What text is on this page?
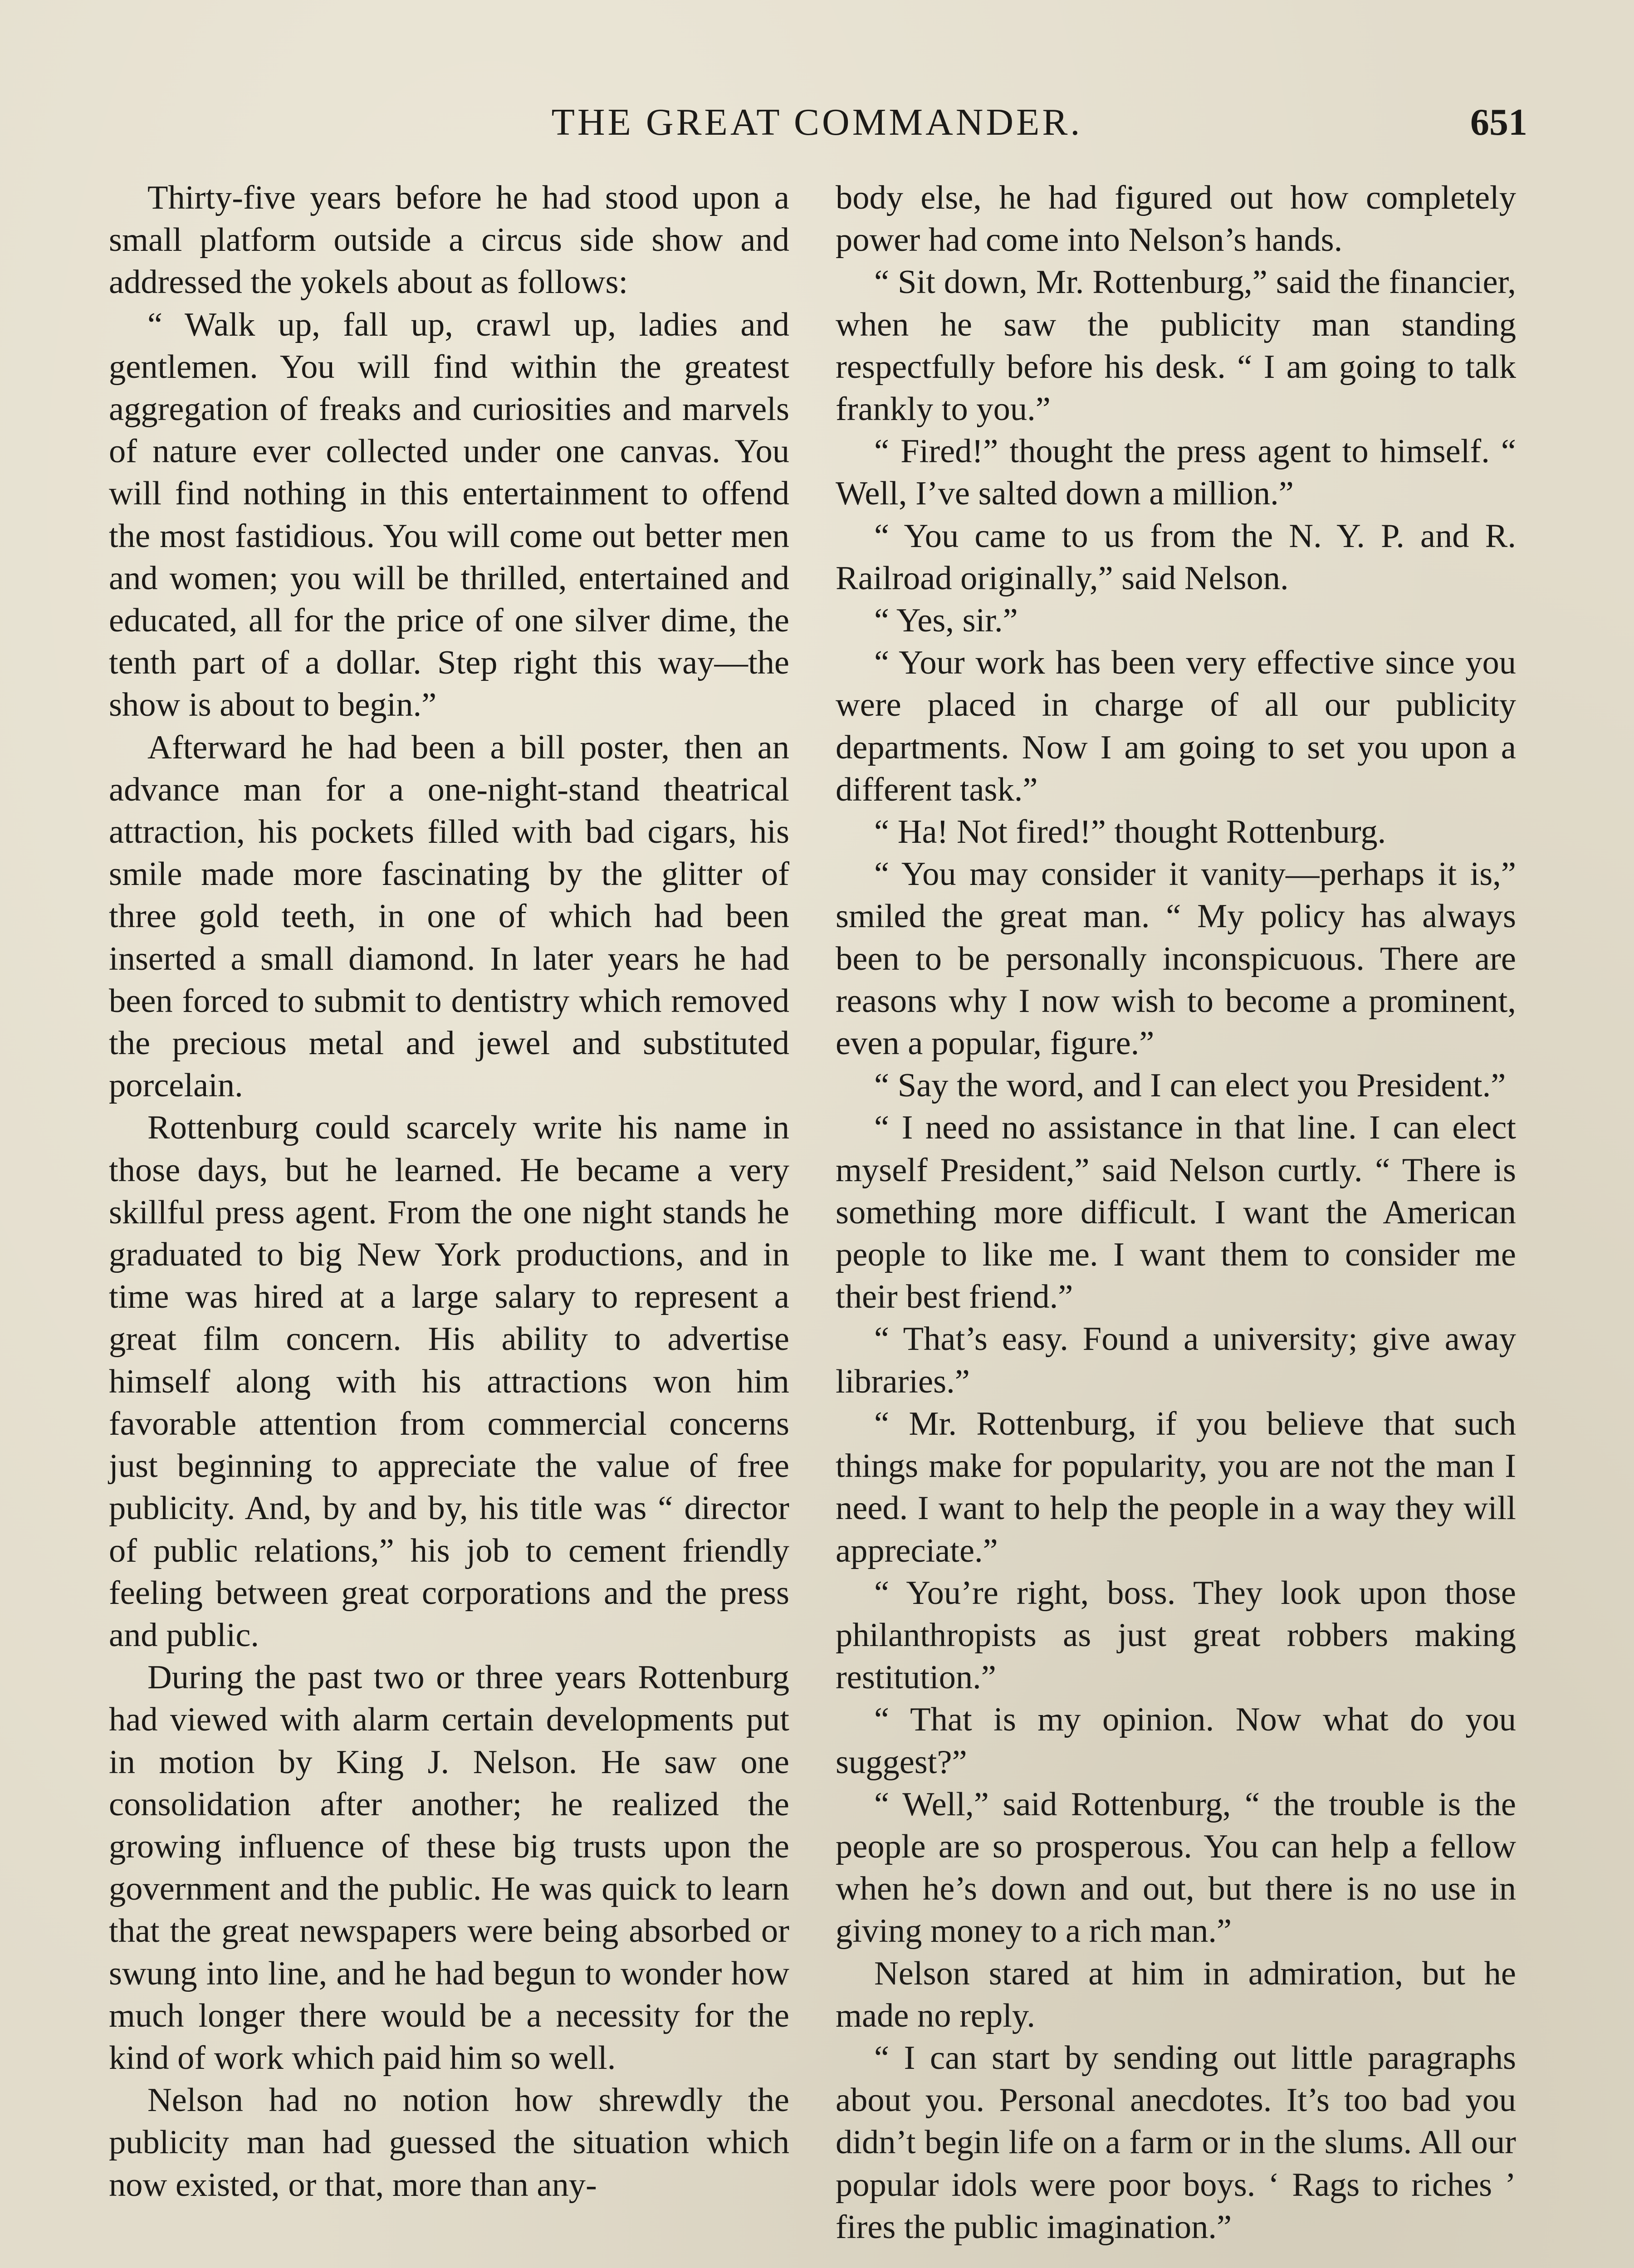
THE GREAT COMMANDER.	651

Thirty-five years before he had stood upon a small platform outside a circus side show and addressed the yokels about as follows:

“ Walk up, fall up, crawl up, ladies and gentlemen. You will find within the greatest aggregation of freaks and curiosities and marvels of nature ever collected under one canvas. You will find nothing in this entertainment to offend the most fastidious. You will come out better men and women; you will be thrilled, entertained and educated, all for the price of one silver dime, the tenth part of a dollar. Step right this way—the show is about to begin.”

Afterward he had been a bill poster, then an advance man for a one-night-stand theatrical attraction, his pockets filled with bad cigars, his smile made more fascinating by the glitter of three gold teeth, in one of which had been inserted a small diamond. In later years he had been forced to submit to dentistry which removed the precious metal and jewel and substituted porcelain.

Rottenburg could scarcely write his name in those days, but he learned. He became a very skillful press agent. From the one night stands he graduated to big New York productions, and in time was hired at a large salary to represent a great film concern. His ability to advertise himself along with his attractions won him favorable attention from commercial concerns just beginning to appreciate the value of free publicity. And, by and by, his title was “ director of public relations,” his job to cement friendly feeling between great corporations and the press and public.

During the past two or three years Rottenburg had viewed with alarm certain developments put in motion by King J. Nelson. He saw one consolidation after another; he realized the growing influence of these big trusts upon the government and the public. He was quick to learn that the great newspapers were being absorbed or swung into line, and he had begun to wonder how much longer there would be a necessity for the kind of work which paid him so well.

Nelson had no notion how shrewdly the publicity man had guessed the situation which now existed, or that, more than any-

body else, he had figured out how completely power had come into Nelson’s hands.

“ Sit down, Mr. Rottenburg,” said the financier, when he saw the publicity man standing respectfully before his desk. “ I am going to talk frankly to you.”

“ Fired!” thought the press agent to himself. “ Well, I’ve salted down a million.”

“ You came to us from the N. Y. P. and R. Railroad originally,” said Nelson.

“ Yes, sir.”

“ Your work has been very effective since you were placed in charge of all our publicity departments. Now I am going to set you upon a different task.”

“ Ha! Not fired!” thought Rottenburg.

“ You may consider it vanity—perhaps it is,” smiled the great man. “ My policy has always been to be personally inconspicuous. There are reasons why I now wish to become a prominent, even a popular, figure.”

“ Say the word, and I can elect you President.”

“ I need no assistance in that line. I can elect myself President,” said Nelson curtly. “ There is something more difficult. I want the American people to like me. I want them to consider me their best friend.”

“ That’s easy. Found a university; give away libraries.”

“ Mr. Rottenburg, if you believe that such things make for popularity, you are not the man I need. I want to help the people in a way they will appreciate.”

“ You’re right, boss. They look upon those philanthropists as just great robbers making restitution.”

“ That is my opinion. Now what do you suggest?”

“ Well,” said Rottenburg, “ the trouble is the people are so prosperous. You can help a fellow when he’s down and out, but there is no use in giving money to a rich man.”

Nelson stared at him in admiration, but he made no reply.

“ I can start by sending out little paragraphs about you. Personal anecdotes. It’s too bad you didn’t begin life on a farm or in the slums. All our popular idols were poor boys. ‘ Rags to riches ’ fires the public imagination.”
